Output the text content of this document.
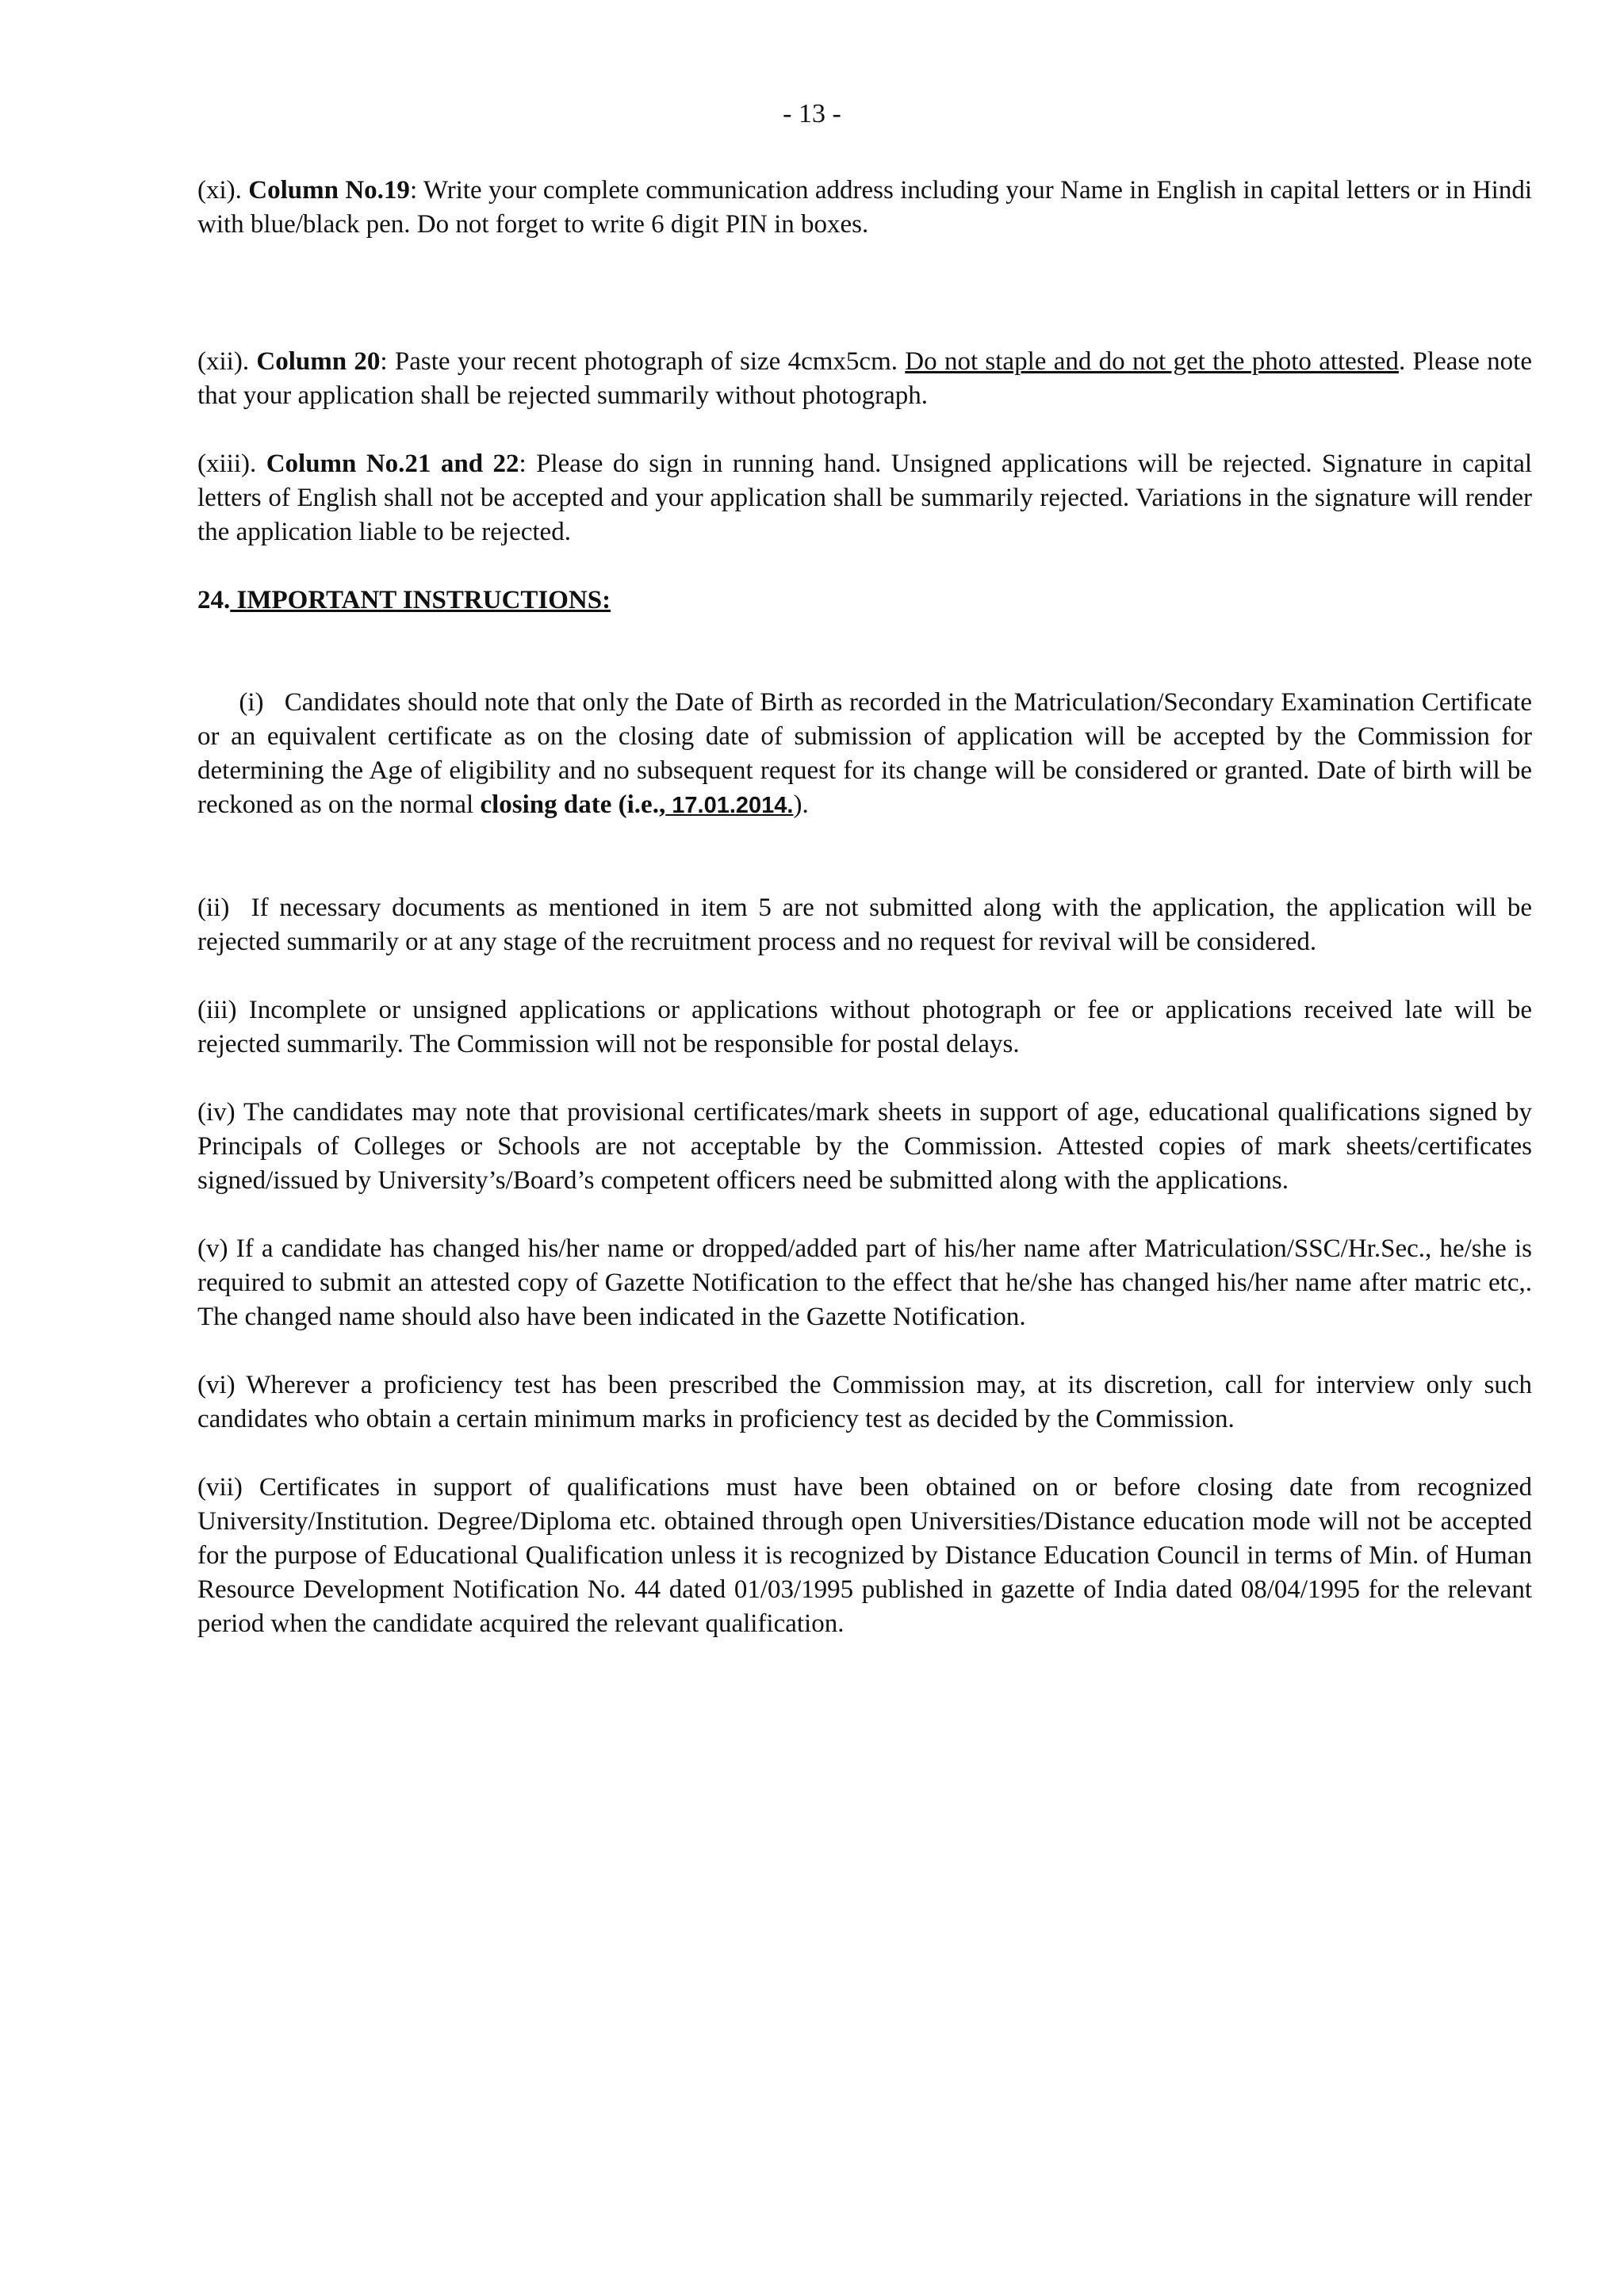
- 13 -

(xi). Column No.19: Write your complete communication address including your Name in English in capital letters or in Hindi with blue/black pen. Do not forget to write 6 digit PIN in boxes.

(xii). Column 20: Paste your recent photograph of size 4cmx5cm. Do not staple and do not get the photo attested. Please note that your application shall be rejected summarily without photograph.

(xiii). Column No.21 and 22: Please do sign in running hand. Unsigned applications will be rejected. Signature in capital letters of English shall not be accepted and your application shall be summarily rejected. Variations in the signature will render the application liable to be rejected.

24. IMPORTANT INSTRUCTIONS:

(i)   Candidates should note that only the Date of Birth as recorded in the Matriculation/Secondary Examination Certificate or an equivalent certificate as on the closing date of submission of application will be accepted by the Commission for determining the Age of eligibility and no subsequent request for its change will be considered or granted. Date of birth will be reckoned as on the normal closing date (i.e., 17.01.2014.).

(ii)  If necessary documents as mentioned in item 5 are not submitted along with the application, the application will be rejected summarily or at any stage of the recruitment process and no request for revival will be considered.

(iii) Incomplete or unsigned applications or applications without photograph or fee or applications received late will be rejected summarily. The Commission will not be responsible for postal delays.

(iv) The candidates may note that provisional certificates/mark sheets in support of age, educational qualifications signed by Principals of Colleges or Schools are not acceptable by the Commission. Attested copies of mark sheets/certificates signed/issued by University’s/Board’s competent officers need be submitted along with the applications.

(v) If a candidate has changed his/her name or dropped/added part of his/her name after Matriculation/SSC/Hr.Sec., he/she is required to submit an attested copy of Gazette Notification to the effect that he/she has changed his/her name after matric etc,. The changed name should also have been indicated in the Gazette Notification.

(vi) Wherever a proficiency test has been prescribed the Commission may, at its discretion, call for interview only such candidates who obtain a certain minimum marks in proficiency test as decided by the Commission.

(vii) Certificates in support of qualifications must have been obtained on or before closing date from recognized University/Institution. Degree/Diploma etc. obtained through open Universities/Distance education mode will not be accepted for the purpose of Educational Qualification unless it is recognized by Distance Education Council in terms of Min. of Human Resource Development Notification No. 44 dated 01/03/1995 published in gazette of India dated 08/04/1995 for the relevant period when the candidate acquired the relevant qualification.
